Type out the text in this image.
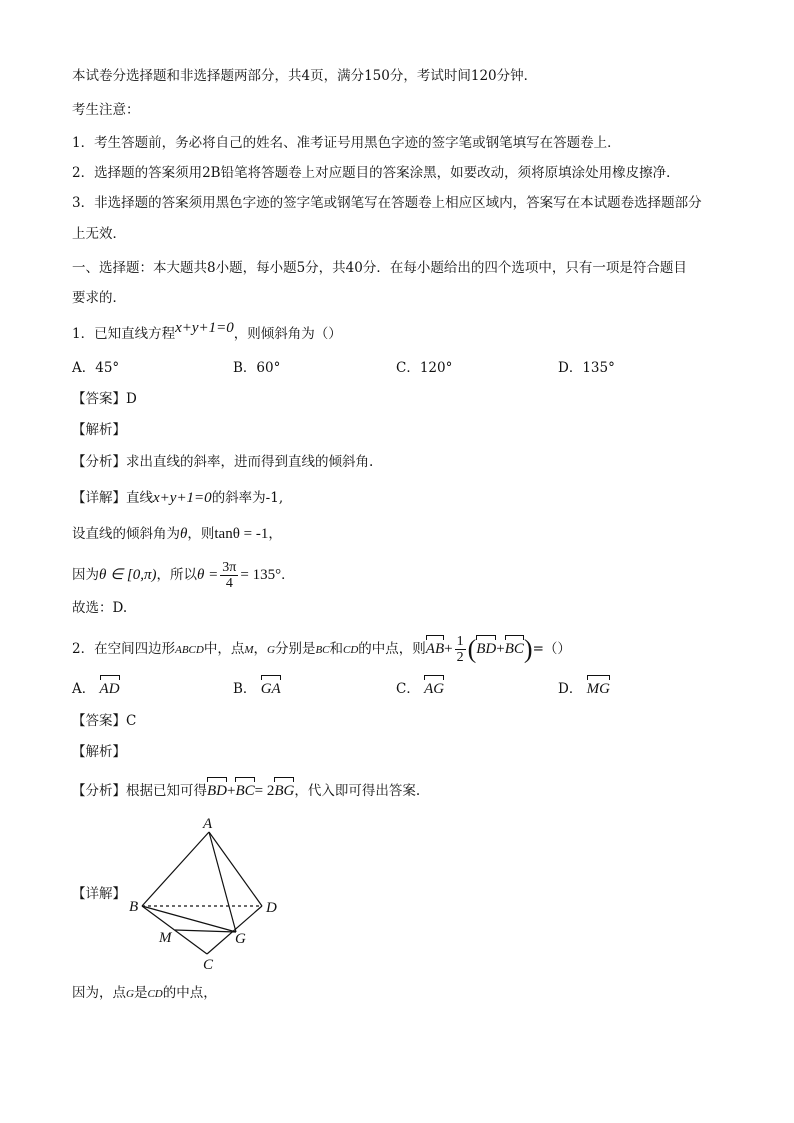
本试卷分选择题和非选择题两部分，共4页，满分150分，考试时间120分钟．
考生注意：
1．考生答题前，务必将自己的姓名、准考证号用黑色字迹的签字笔或钢笔填写在答题卷上．
2．选择题的答案须用2B铅笔将答题卷上对应题目的答案涂黑，如要改动，须将原填涂处用橡皮擦净．
3．非选择题的答案须用黑色字迹的签字笔或钢笔写在答题卷上相应区域内，答案写在本试题卷选择题部分
上无效．
一、选择题：本大题共8小题，每小题5分，共40分．在每小题给出的四个选项中，只有一项是符合题目
要求的．
1．已知直线方程x+y+1=0，则倾斜角为（）
A．45°	B．60°	C．120°	D．135°
【答案】D
【解析】
【分析】求出直线的斜率，进而得到直线的倾斜角.
【详解】直线x+y+1=0的斜率为-1,
设直线的倾斜角为θ，则tanθ = -1，
因为θ ∈ [0,π)，所以$\theta = \frac{3\pi}{4} = 135^\circ$．
故选：D.
2．在空间四边形ABCD中，点M，G分别是BC和CD的中点，则$AB+ \frac{1}{2} (BD+BC)=()$
A． AD	B． GA	C． AG	D． MG
【答案】C
【解析】
【分析】根据已知可得BD+BC= 2BG，代入即可得出答案.
【详解】
A
B	D
M	G
C
因为，点G是CD的中点，
